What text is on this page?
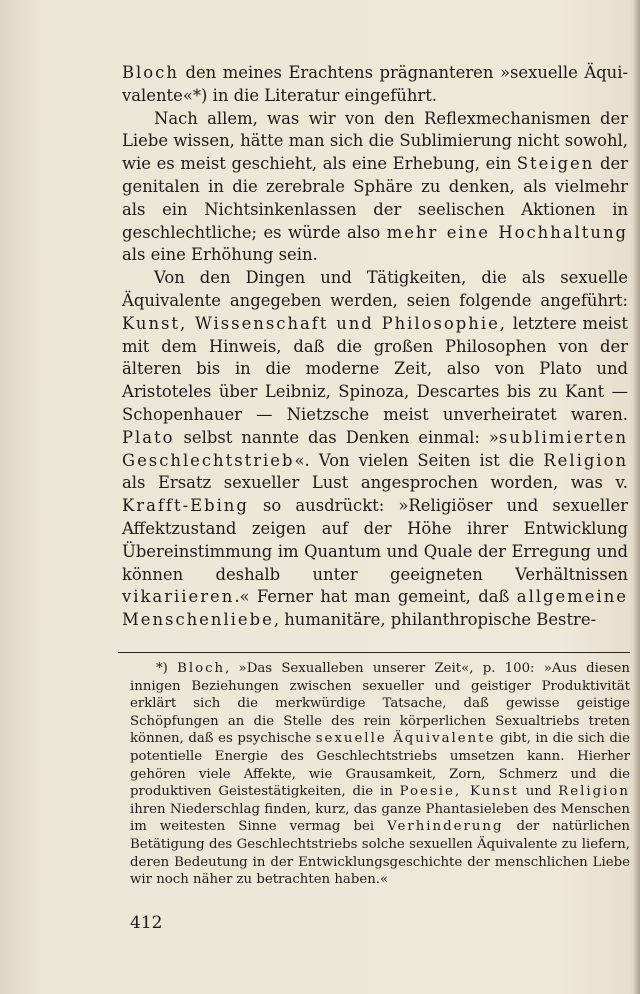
Bloch den meines Erachtens prägnanteren »sexuelle Äquivalente«*) in die Literatur eingeführt.

Nach allem, was wir von den Reflexmechanismen der Liebe wissen, hätte man sich die Sublimierung nicht sowohl, wie es meist geschieht, als eine Erhebung, ein Steigen der genitalen in die zerebrale Sphäre zu denken, als vielmehr als ein Nichtsinkenlassen der seelischen Aktionen in geschlechtliche; es würde also mehr eine Hochhaltung als eine Erhöhung sein.

Von den Dingen und Tätigkeiten, die als sexuelle Äquivalente angegeben werden, seien folgende angeführt: Kunst, Wissenschaft und Philosophie, letztere meist mit dem Hinweis, daß die großen Philosophen von der älteren bis in die moderne Zeit, also von Plato und Aristoteles über Leibniz, Spinoza, Descartes bis zu Kant — Schopenhauer — Nietzsche meist unverheiratet waren. Plato selbst nannte das Denken einmal: »sublimierten Geschlechtstrieb«. Von vielen Seiten ist die Religion als Ersatz sexueller Lust angesprochen worden, was v. Krafft-Ebing so ausdrückt: »Religiöser und sexueller Affektzustand zeigen auf der Höhe ihrer Entwicklung Übereinstimmung im Quantum und Quale der Erregung und können deshalb unter geeigneten Verhältnissen vikariieren.« Ferner hat man gemeint, daß allgemeine Menschenliebe, humanitäre, philanthropische Bestre-

*) Bloch, »Das Sexualleben unserer Zeit«, p. 100: »Aus diesen innigen Beziehungen zwischen sexueller und geistiger Produktivität erklärt sich die merkwürdige Tatsache, daß gewisse geistige Schöpfungen an die Stelle des rein körperlichen Sexualtriebs treten können, daß es psychische sexuelle Äquivalente gibt, in die sich die potentielle Energie des Geschlechtstriebs umsetzen kann. Hierher gehören viele Affekte, wie Grausamkeit, Zorn, Schmerz und die produktiven Geistestätigkeiten, die in Poesie, Kunst und Religion ihren Niederschlag finden, kurz, das ganze Phantasieleben des Menschen im weitesten Sinne vermag bei Verhinderung der natürlichen Betätigung des Geschlechtstriebs solche sexuellen Äquivalente zu liefern, deren Bedeutung in der Entwicklungsgeschichte der menschlichen Liebe wir noch näher zu betrachten haben.«

412
